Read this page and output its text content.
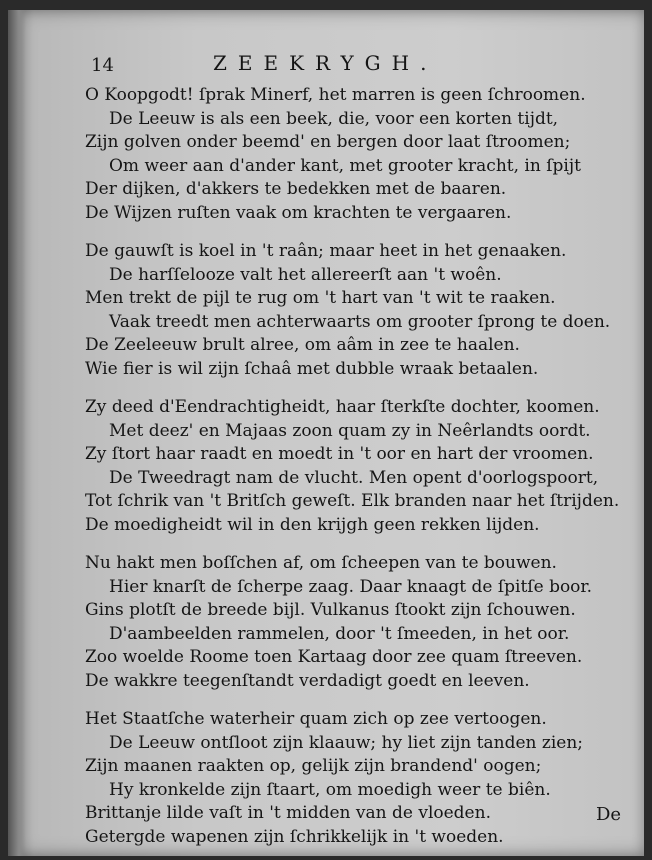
14	ZEEKRYGH.
O Koopgodt! ſprak Minerf, het marren is geen ſchroomen.
De Leeuw is als een beek, die, voor een korten tijdt,
Zijn golven onder beemd' en bergen door laat ſtroomen;
Om weer aan d'ander kant, met grooter kracht, in ſpijt
Der dijken, d'akkers te bedekken met de baaren.
De Wijzen ruſten vaak om krachten te vergaaren.
De gauwſt is koel in 't raân; maar heet in het genaaken.
De harſſelooze valt het allereerſt aan 't woên.
Men trekt de pijl te rug om 't hart van 't wit te raaken.
Vaak treedt men achterwaarts om grooter ſprong te doen.
De Zeeleeuw brult alree, om aâm in zee te haalen.
Wie fier is wil zijn ſchaâ met dubble wraak betaalen.
Zy deed d'Eendrachtigheidt, haar ſterkſte dochter, koomen.
Met deez' en Majaas zoon quam zy in Neêrlandts oordt.
Zy ſtort haar raadt en moedt in 't oor en hart der vroomen.
De Tweedragt nam de vlucht. Men opent d'oorlogspoort,
Tot ſchrik van 't Britſch geweſt. Elk branden naar het ſtrijden.
De moedigheidt wil in den krijgh geen rekken lijden.
Nu hakt men boſſchen af, om ſcheepen van te bouwen.
Hier knarſt de ſcherpe zaag. Daar knaagt de ſpitſe boor.
Gins plotſt de breede bijl. Vulkanus ſtookt zijn ſchouwen.
D'aambeelden rammelen, door 't ſmeeden, in het oor.
Zoo woelde Roome toen Kartaag door zee quam ſtreeven.
De wakkre teegenſtandt verdadigt goedt en leeven.
Het Staatſche waterheir quam zich op zee vertoogen.
De Leeuw ontſloot zijn klaauw; hy liet zijn tanden zien;
Zijn maanen raakten op, gelijk zijn brandend' oogen;
Hy kronkelde zijn ſtaart, om moedigh weer te biên.
Brittanje lilde vaſt in 't midden van de vloeden.
Getergde wapenen zijn ſchrikkelijk in 't woeden.
De
